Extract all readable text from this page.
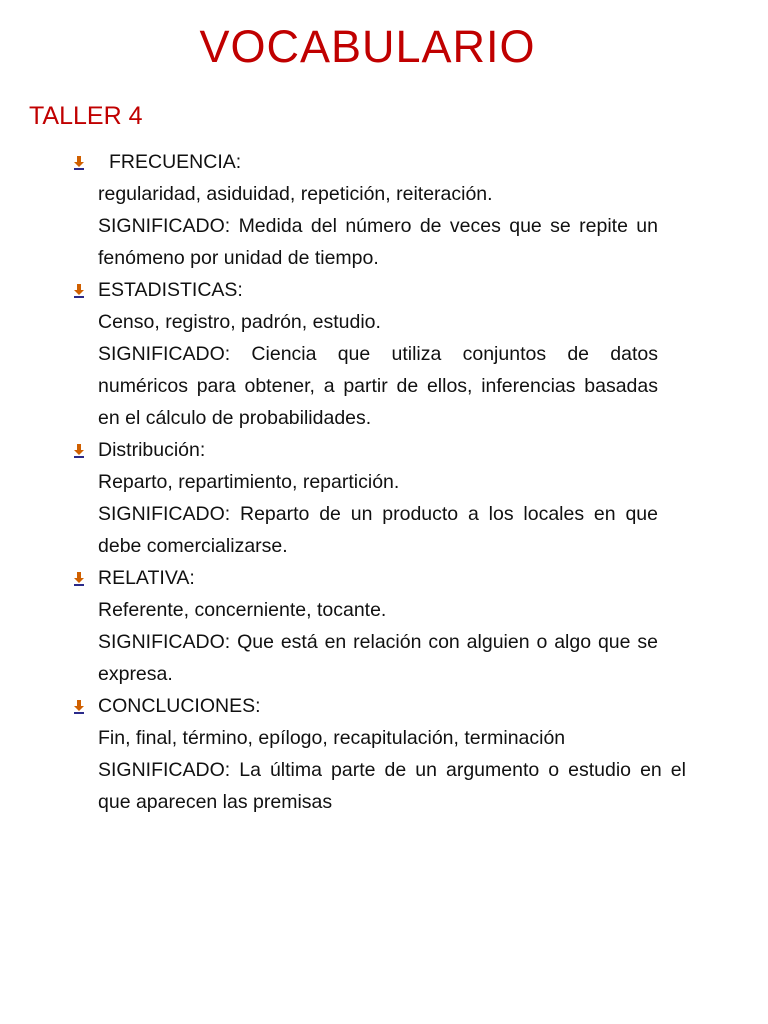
VOCABULARIO
TALLER 4
FRECUENCIA:
regularidad, asiduidad, repetición, reiteración.
SIGNIFICADO: Medida del número de veces que se repite un fenómeno por unidad de tiempo.
ESTADISTICAS:
Censo, registro, padrón, estudio.
SIGNIFICADO: Ciencia que utiliza conjuntos de datos numéricos para obtener, a partir de ellos, inferencias basadas en el cálculo de probabilidades.
Distribución:
Reparto, repartimiento, repartición.
SIGNIFICADO: Reparto de un producto a los locales en que debe comercializarse.
RELATIVA:
Referente, concerniente, tocante.
SIGNIFICADO: Que está en relación con alguien o algo que se expresa.
CONCLUCIONES:
Fin, final, término, epílogo, recapitulación, terminación
SIGNIFICADO: La última parte de un argumento o estudio en el que aparecen las premisas
